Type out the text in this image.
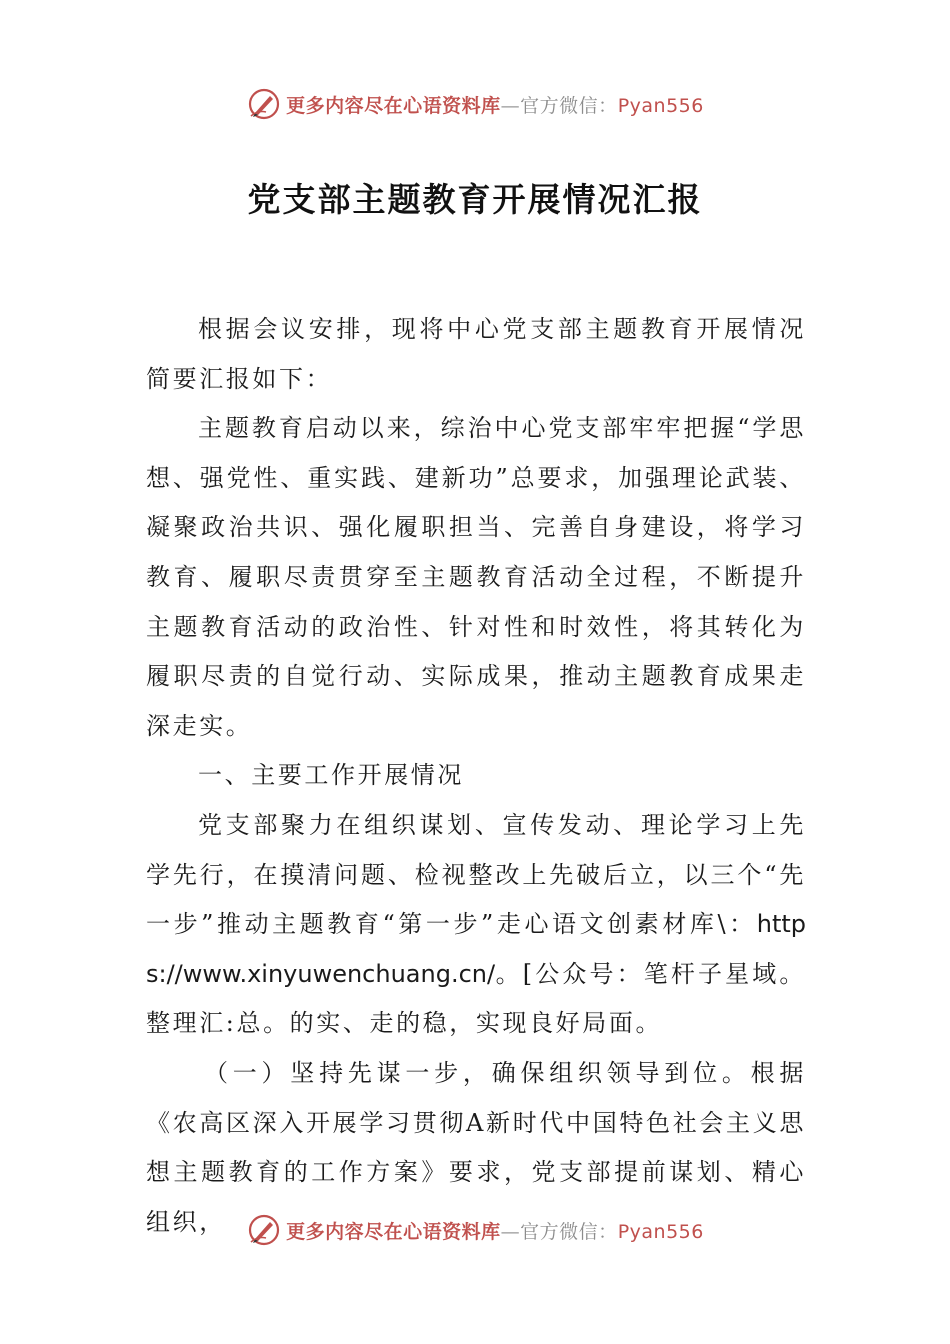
更多内容尽在心语资料库—官方微信：Pyan556
党支部主题教育开展情况汇报

根据会议安排，现将中心党支部主题教育开展情况简要汇报如下：

主题教育启动以来，综治中心党支部牢牢把握“学思想、强党性、重实践、建新功”总要求，加强理论武装、凝聚政治共识、强化履职担当、完善自身建设，将学习教育、履职尽责贯穿至主题教育活动全过程，不断提升主题教育活动的政治性、针对性和时效性，将其转化为履职尽责的自觉行动、实际成果，推动主题教育成果走深走实。

一、主要工作开展情况

党支部聚力在组织谋划、宣传发动、理论学习上先学先行，在摸清问题、检视整改上先破后立，以三个“先一步”推动主题教育“第一步”走心语文创素材库\：https://www.xinyuwenchuang.cn/。[公众号：笔杆子星域。整理汇:总。的实、走的稳，实现良好局面。

（一）坚持先谋一步，确保组织领导到位。根据《农高区深入开展学习贯彻A新时代中国特色社会主义思想主题教育的工作方案》要求，党支部提前谋划、精心组织，	更多内容尽在心语资料库—官方微信：Pyan556
